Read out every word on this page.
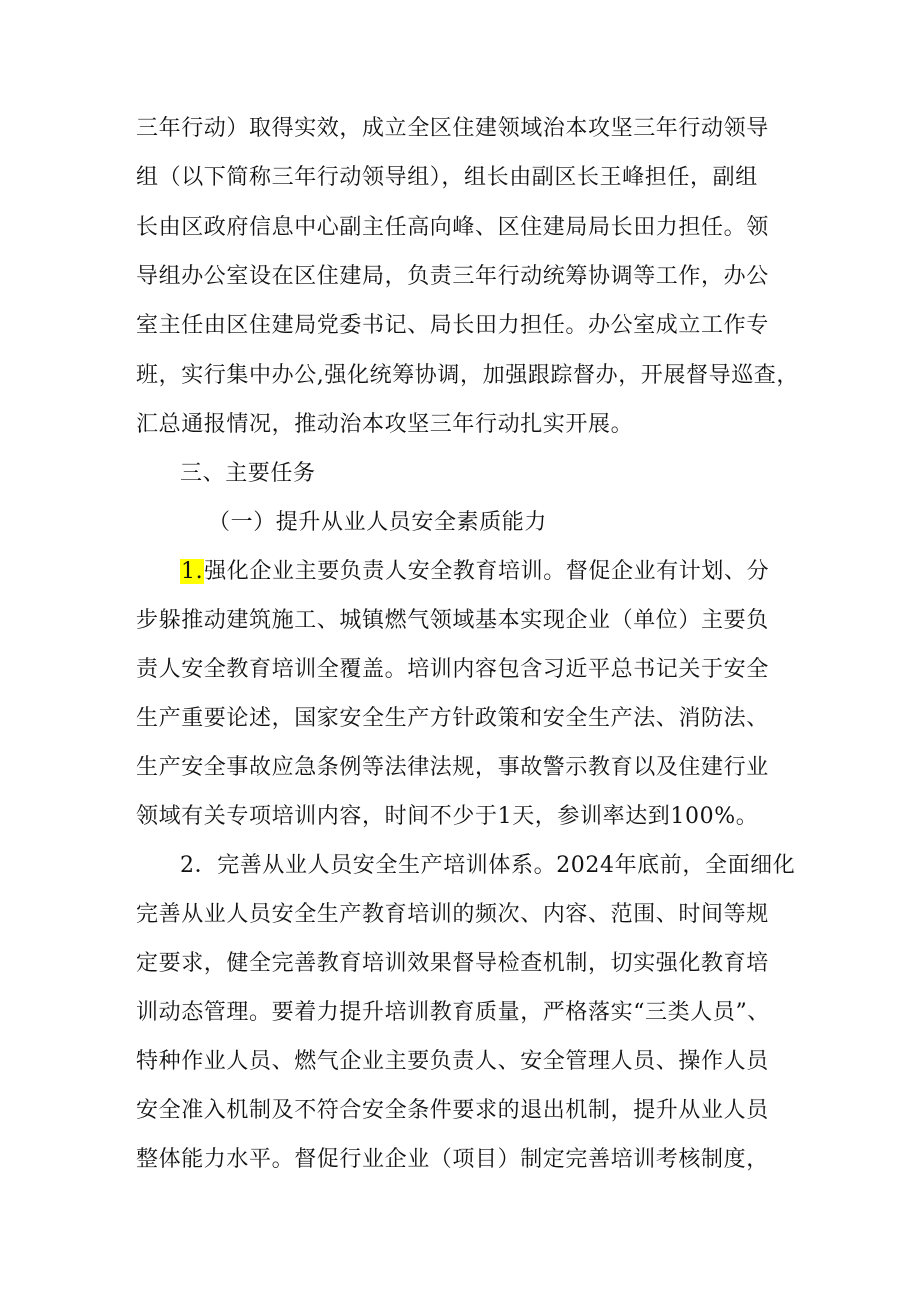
三年行动）取得实效，成立全区住建领域治本攻坚三年行动领导
组（以下简称三年行动领导组），组长由副区长王峰担任，副组
长由区政府信息中心副主任高向峰、区住建局局长田力担任。领
导组办公室设在区住建局，负责三年行动统筹协调等工作，办公
室主任由区住建局党委书记、局长田力担任。办公室成立工作专
班，实行集中办公,强化统筹协调，加强跟踪督办，开展督导巡查，
汇总通报情况，推动治本攻坚三年行动扎实开展。
三、主要任务
（一）提升从业人员安全素质能力
1.强化企业主要负责人安全教育培训。督促企业有计划、分
步躲推动建筑施工、城镇燃气领域基本实现企业（单位）主要负
责人安全教育培训全覆盖。培训内容包含习近平总书记关于安全
生产重要论述，国家安全生产方针政策和安全生产法、消防法、
生产安全事故应急条例等法律法规，事故警示教育以及住建行业
领域有关专项培训内容，时间不少于1天，参训率达到100%。
2．完善从业人员安全生产培训体系。2024年底前，全面细化
完善从业人员安全生产教育培训的频次、内容、范围、时间等规
定要求，健全完善教育培训效果督导检查机制，切实强化教育培
训动态管理。要着力提升培训教育质量，严格落实“三类人员”、
特种作业人员、燃气企业主要负责人、安全管理人员、操作人员
安全准入机制及不符合安全条件要求的退出机制，提升从业人员
整体能力水平。督促行业企业（项目）制定完善培训考核制度，
